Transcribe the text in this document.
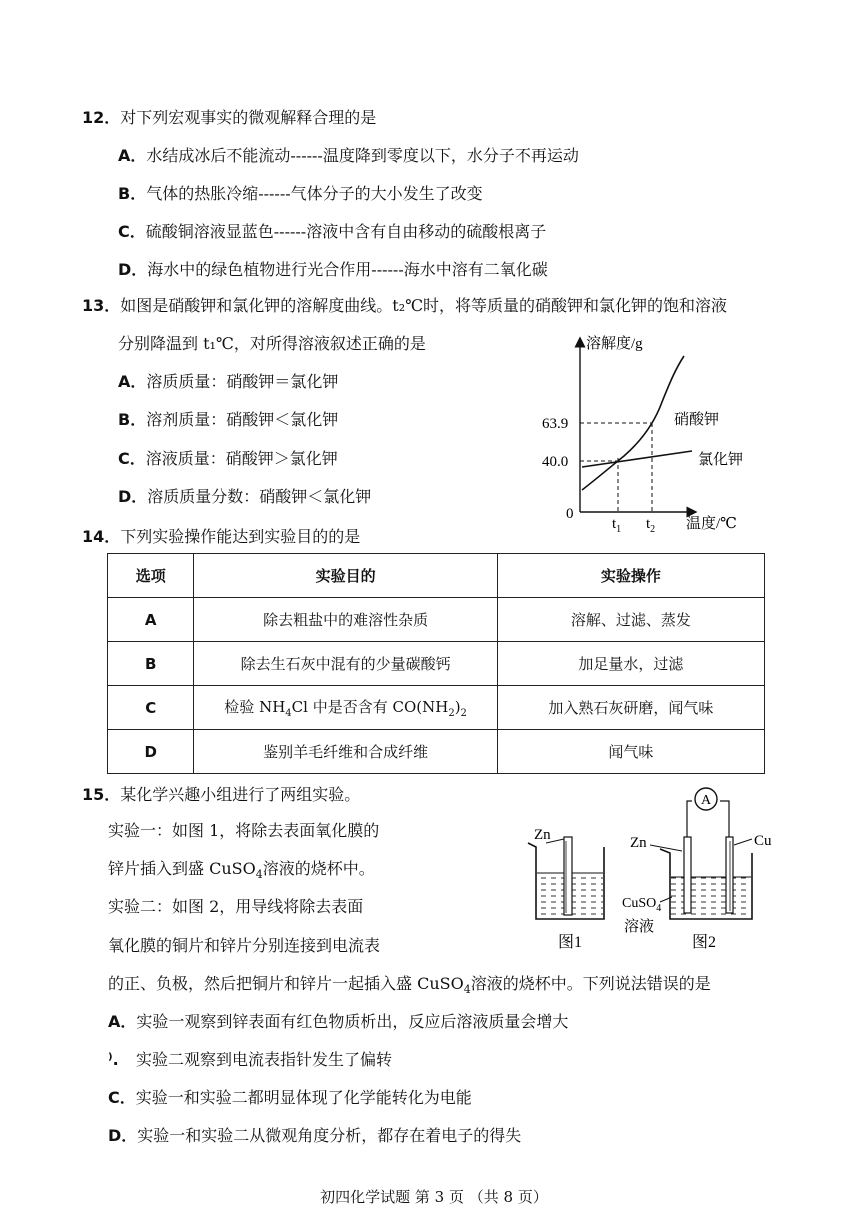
12．对下列宏观事实的微观解释合理的是
A．水结成冰后不能流动------温度降到零度以下，水分子不再运动
B．气体的热胀冷缩------气体分子的大小发生了改变
C．硫酸铜溶液显蓝色------溶液中含有自由移动的硫酸根离子
D．海水中的绿色植物进行光合作用------海水中溶有二氧化碳
13．如图是硝酸钾和氯化钾的溶解度曲线。t₂℃时，将等质量的硝酸钾和氯化钾的饱和溶液
分别降温到 t₁℃，对所得溶液叙述正确的是
A．溶质质量：硝酸钾＝氯化钾
B．溶剂质量：硝酸钾＜氯化钾
C．溶液质量：硝酸钾＞氯化钾
D．溶质质量分数：硝酸钾＜氯化钾
溶解度/g
温度/℃
0
63.9
40.0
硝酸钾
氯化钾
$t_1$ $t_2$
14．下列实验操作能达到实验目的的是
选项	实验目的	实验操作
A	除去粗盐中的难溶性杂质	溶解、过滤、蒸发
B	除去生石灰中混有的少量碳酸钙	加足量水，过滤
C	检验 $NH_4Cl$ 中是否含有 $CO(NH_2)_2$	加入熟石灰研磨，闻气味
D	鉴别羊毛纤维和合成纤维	闻气味
15．某化学兴趣小组进行了两组实验。
实验一：如图 1，将除去表面氧化膜的
锌片插入到盛 CuSO$_4$溶液的烧杯中。
实验二：如图 2，用导线将除去表面
氧化膜的铜片和锌片分别连接到电流表
的正、负极，然后把铜片和锌片一起插入盛 CuSO$_4$溶液的烧杯中。下列说法错误的是
Zn
图1
A
Zn	Cu
CuSO$_4$
溶液
图2
A．实验一观察到锌表面有红色物质析出，反应后溶液质量会增大
⁾. 实验二观察到电流表指针发生了偏转
C．实验一和实验二都明显体现了化学能转化为电能
D．实验一和实验二从微观角度分析，都存在着电子的得失
初四化学试题 第 3 页 （共 8 页）
